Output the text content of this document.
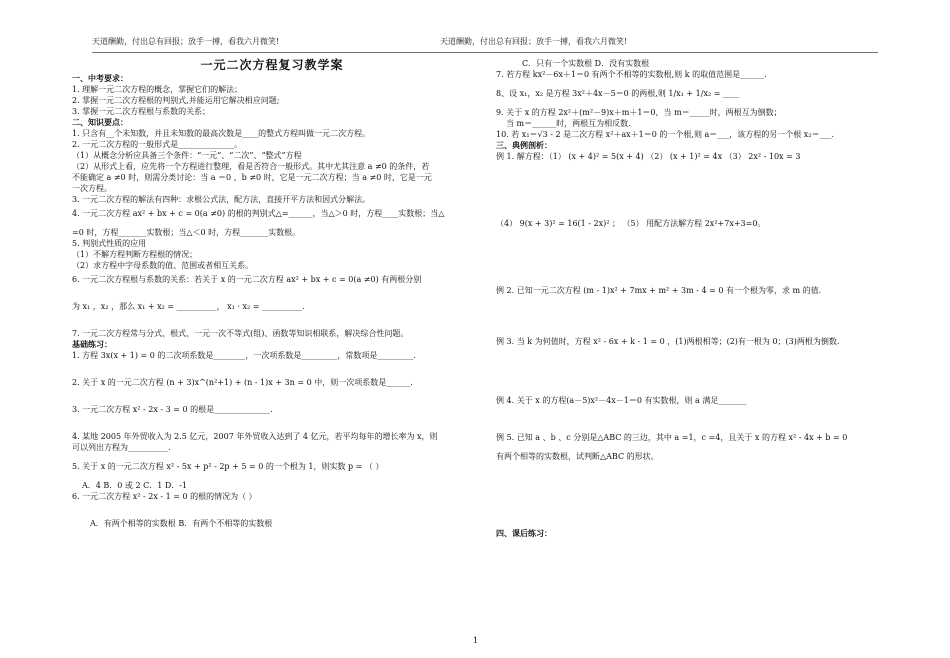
天道酬勤，付出总有回报；放手一搏，看我六月微笑!	天道酬勤，付出总有回报；放手一搏，看我六月微笑!

一元二次方程复习教学案

一、中考要求：

1. 理解一元二次方程的概念，掌握它们的解法；

2. 掌握一元二次方程根的判别式,并能运用它解决相应问题;

3. 掌握一元二次方程根与系数的关系；

二、知识要点：

1. 只含有__个未知数，并且未知数的最高次数是____的整式方程叫做一元二次方程。

2. 一元二次方程的一般形式是______________。

（1）从概念分析应具备三个条件：“一元”、“二次”、“整式”方程

（2）从形式上看，应先将一个方程进行整理，看是否符合一般形式。其中尤其注意 a ≠0 的条件，若

不能确定 a ≠0 时，则需分类讨论：当 a ＝0 ，b ≠0 时，它是一元二次方程；当 a ≠0 时，它是一元

一次方程。

3. 一元二次方程的解法有四种：求根公式法，配方法，直接开平方法和因式分解法。

4. 一元二次方程 ax² + bx + c = 0(a ≠0) 的根的判别式△=______，当△＞0 时，方程____实数根；当△

=0 时，方程_______实数根；当△＜0 时，方程_______实数根。

5. 判别式性质的应用

（1）不解方程判断方程根的情况；

（2）求方程中字母系数的值、范围或者相互关系。

6. 一元二次方程根与系数的关系：若关于 x 的一元二次方程 ax² + bx + c = 0(a ≠0) 有两根分别

为 x₁ ，x₂ ，那么 x₁ + x₂ = __________， x₁ · x₂ = __________.

7. 一元二次方程常与分式、根式、一元一次不等式(组)、函数等知识相联系，解决综合性问题。

基础练习：

1. 方程 3x(x + 1) = 0 的二次项系数是________，一次项系数是_________，常数项是_________.

2. 关于 x 的一元二次方程 (n + 3)x^(n²+1) + (n - 1)x + 3n = 0 中，则一次项系数是______.

3. 一元二次方程 x² - 2x - 3 = 0 的根是______________.

4. 某地 2005 年外贸收入为 2.5 亿元，2007 年外贸收入达到了 4 亿元，若平均每年的增长率为 x，则

可以列出方程为__________.

5. 关于 x 的一元二次方程 x² - 5x + p² - 2p + 5 = 0 的一个根为 1，则实数 p = （ ）

A．4 B．0 或 2 C．1 D．-1

6. 一元二次方程 x² - 2x - 1 = 0 的根的情况为（ ）

A．有两个相等的实数根 B．有两个不相等的实数根

C．只有一个实数根 D．没有实数根

7. 若方程 kx²－6x＋1＝0 有两个不相等的实数根,则 k 的取值范围是______.

8、设 x₁，x₂ 是方程 3x²＋4x－5＝0 的两根,则 1/x₁ + 1/x₂ = ____

9. 关于 x 的方程 2x²＋(m²－9)x＋m＋1＝0，当 m＝_____时，两根互为倒数；

当 m＝______时，两根互为相反数.

10. 若 x₁＝√3 - 2 是二次方程 x²＋ax＋1＝0 的一个根,则 a＝___，该方程的另一个根 x₂＝___.

三、典例剖析：

例 1. 解方程：（1） (x + 4)² = 5(x + 4) （2） (x + 1)² = 4x （3） 2x² - 10x = 3

（4） 9(x + 3)² = 16(1 - 2x)² ； （5） 用配方法解方程 2x²+7x+3=0。

例 2. 已知一元二次方程 (m - 1)x² + 7mx + m² + 3m - 4 = 0 有一个根为零，求 m 的值.

例 3. 当 k 为何值时，方程 x² - 6x + k - 1 = 0 ，(1)两根相等；(2)有一根为 0；(3)两根为倒数.

例 4. 关于 x 的方程(a－5)x²－4x－1＝0 有实数根，则 a 满足_______

例 5. 已知 a 、b 、c 分别是△ABC 的三边，其中 a =1，c =4，且关于 x 的方程 x² - 4x + b = 0

有两个相等的实数根，试判断△ABC 的形状。

四、课后练习：

1
